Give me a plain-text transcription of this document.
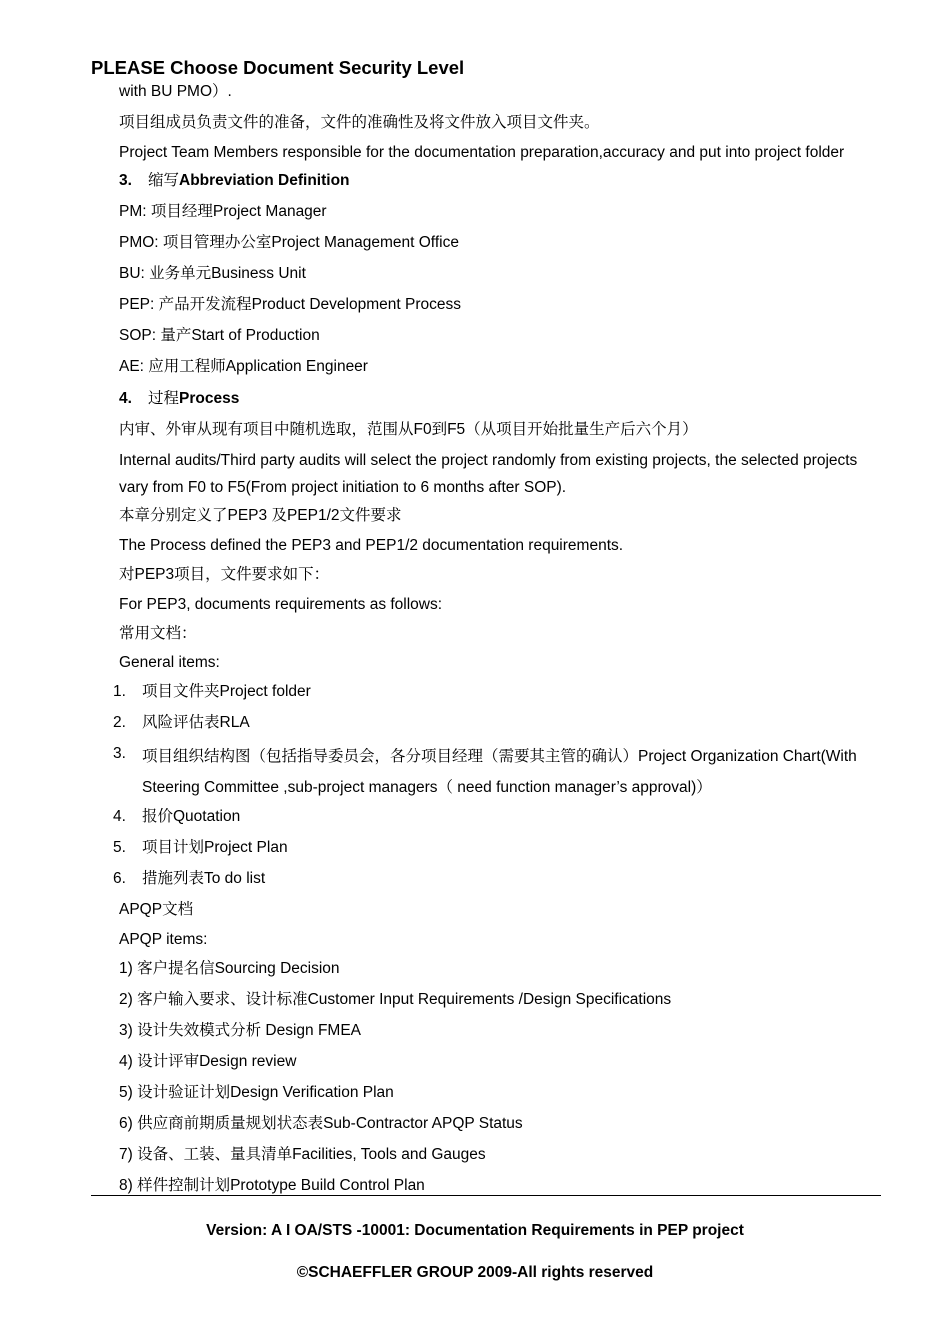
PLEASE Choose Document Security Level
with BU PMO）.
项目组成员负责文件的准备，文件的准确性及将文件放入项目文件夹。
Project Team Members responsible for the documentation preparation,accuracy and put into project folder
3. 缩写Abbreviation Definition
PM: 项目经理Project Manager
PMO: 项目管理办公室Project Management Office
BU: 业务单元Business Unit
PEP: 产品开发流程Product Development Process
SOP: 量产Start of Production
AE: 应用工程师Application Engineer
4. 过程Process
内审、外审从现有项目中随机选取，范围从F0到F5（从项目开始批量生产后六个月）
Internal audits/Third party audits will select the project randomly from existing projects, the selected projects vary from F0 to F5(From project initiation to 6 months after SOP).
本章分别定义了PEP3 及PEP1/2文件要求
The Process defined the PEP3 and PEP1/2 documentation requirements.
对PEP3项目，文件要求如下：
For PEP3, documents requirements as follows:
常用文档：
General items:
1. 项目文件夹Project folder
2. 风险评估表RLA
3. 项目组织结构图（包括指导委员会，各分项目经理（需要其主管的确认）Project Organization Chart(With Steering Committee ,sub-project managers（ need function manager’s approval)）
4. 报价Quotation
5. 项目计划Project Plan
6. 措施列表To do list
APQP文档
APQP items:
1) 客户提名信Sourcing Decision
2) 客户输入要求、设计标准Customer Input Requirements /Design Specifications
3) 设计失效模式分析 Design FMEA
4) 设计评审Design review
5) 设计验证计划Design Verification Plan
6) 供应商前期质量规划状态表Sub-Contractor APQP Status
7) 设备、工装、量具清单Facilities, Tools and Gauges
8) 样件控制计划Prototype Build Control Plan
Version: A I OA/STS -10001: Documentation Requirements in PEP project
©SCHAEFFLER GROUP 2009-All rights reserved
